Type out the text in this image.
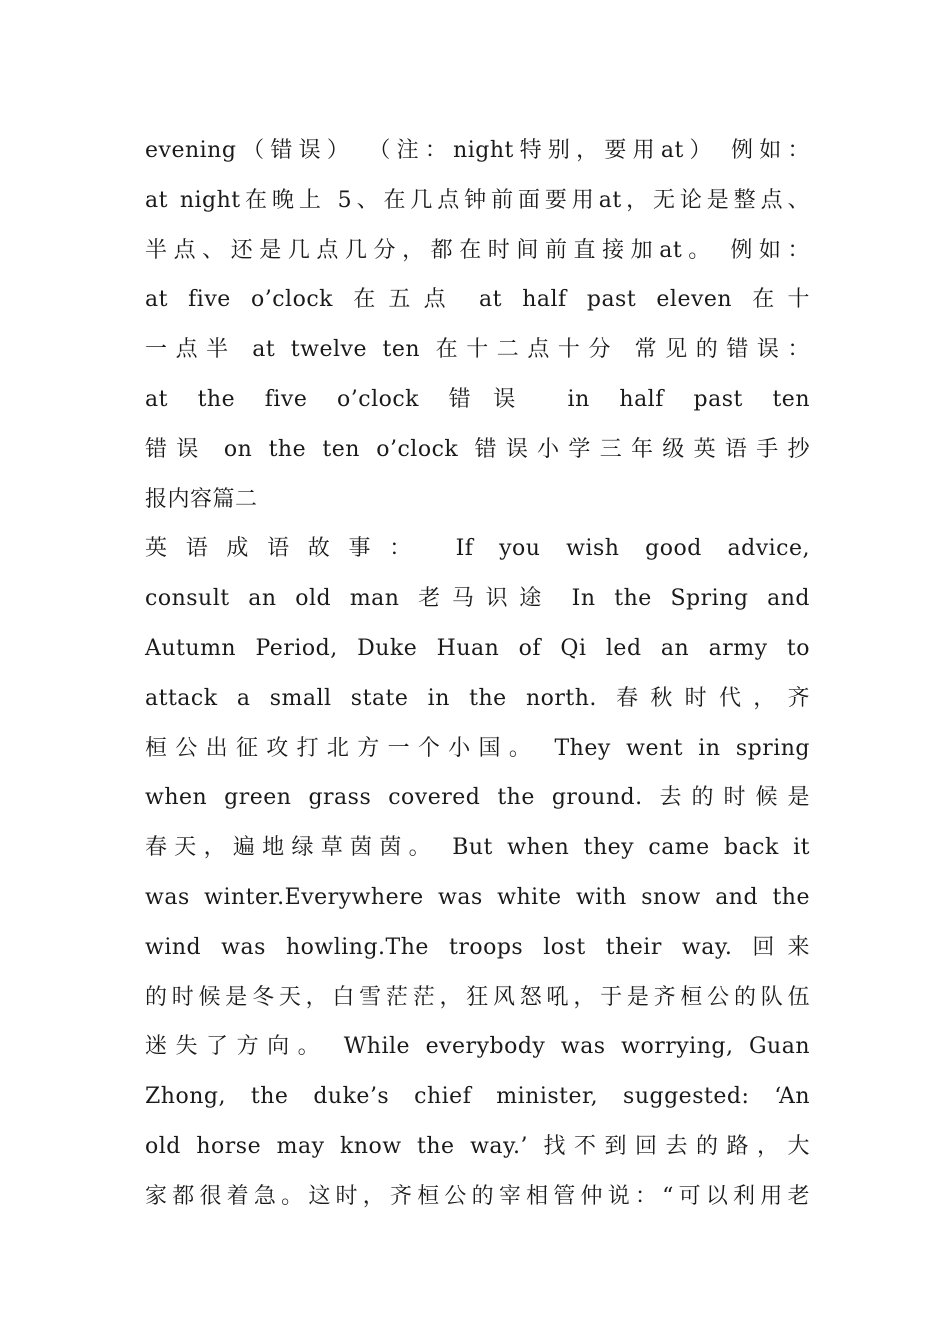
evening（错误） （注：night特别，要用at） 例如：
at night在晚上 5、在几点钟前面要用at，无论是整点、
半点、还是几点几分，都在时间前直接加at。 例如：
at five o’clock 在五点 at half past eleven 在十
一点半 at twelve ten 在十二点十分 常见的错误：
at the five o’clock 错误 in half past ten
错误 on the ten o’clock 错误小学三年级英语手抄
报内容篇二
英语成语故事： If you wish good advice,
consult an old man 老马识途 In the Spring and
Autumn Period, Duke Huan of Qi led an army to
attack a small state in the north. 春秋时代，齐
桓公出征攻打北方一个小国。 They went in spring
when green grass covered the ground. 去的时候是
春天，遍地绿草茵茵。 But when they came back it
was winter.Everywhere was white with snow and the
wind was howling.The troops lost their way. 回来
的时候是冬天，白雪茫茫，狂风怒吼，于是齐桓公的队伍
迷失了方向。 While everybody was worrying, Guan
Zhong, the duke’s chief minister, suggested: ‘An
old horse may know the way.’ 找不到回去的路，大
家都很着急。这时，齐桓公的宰相管仲说：“可以利用老
